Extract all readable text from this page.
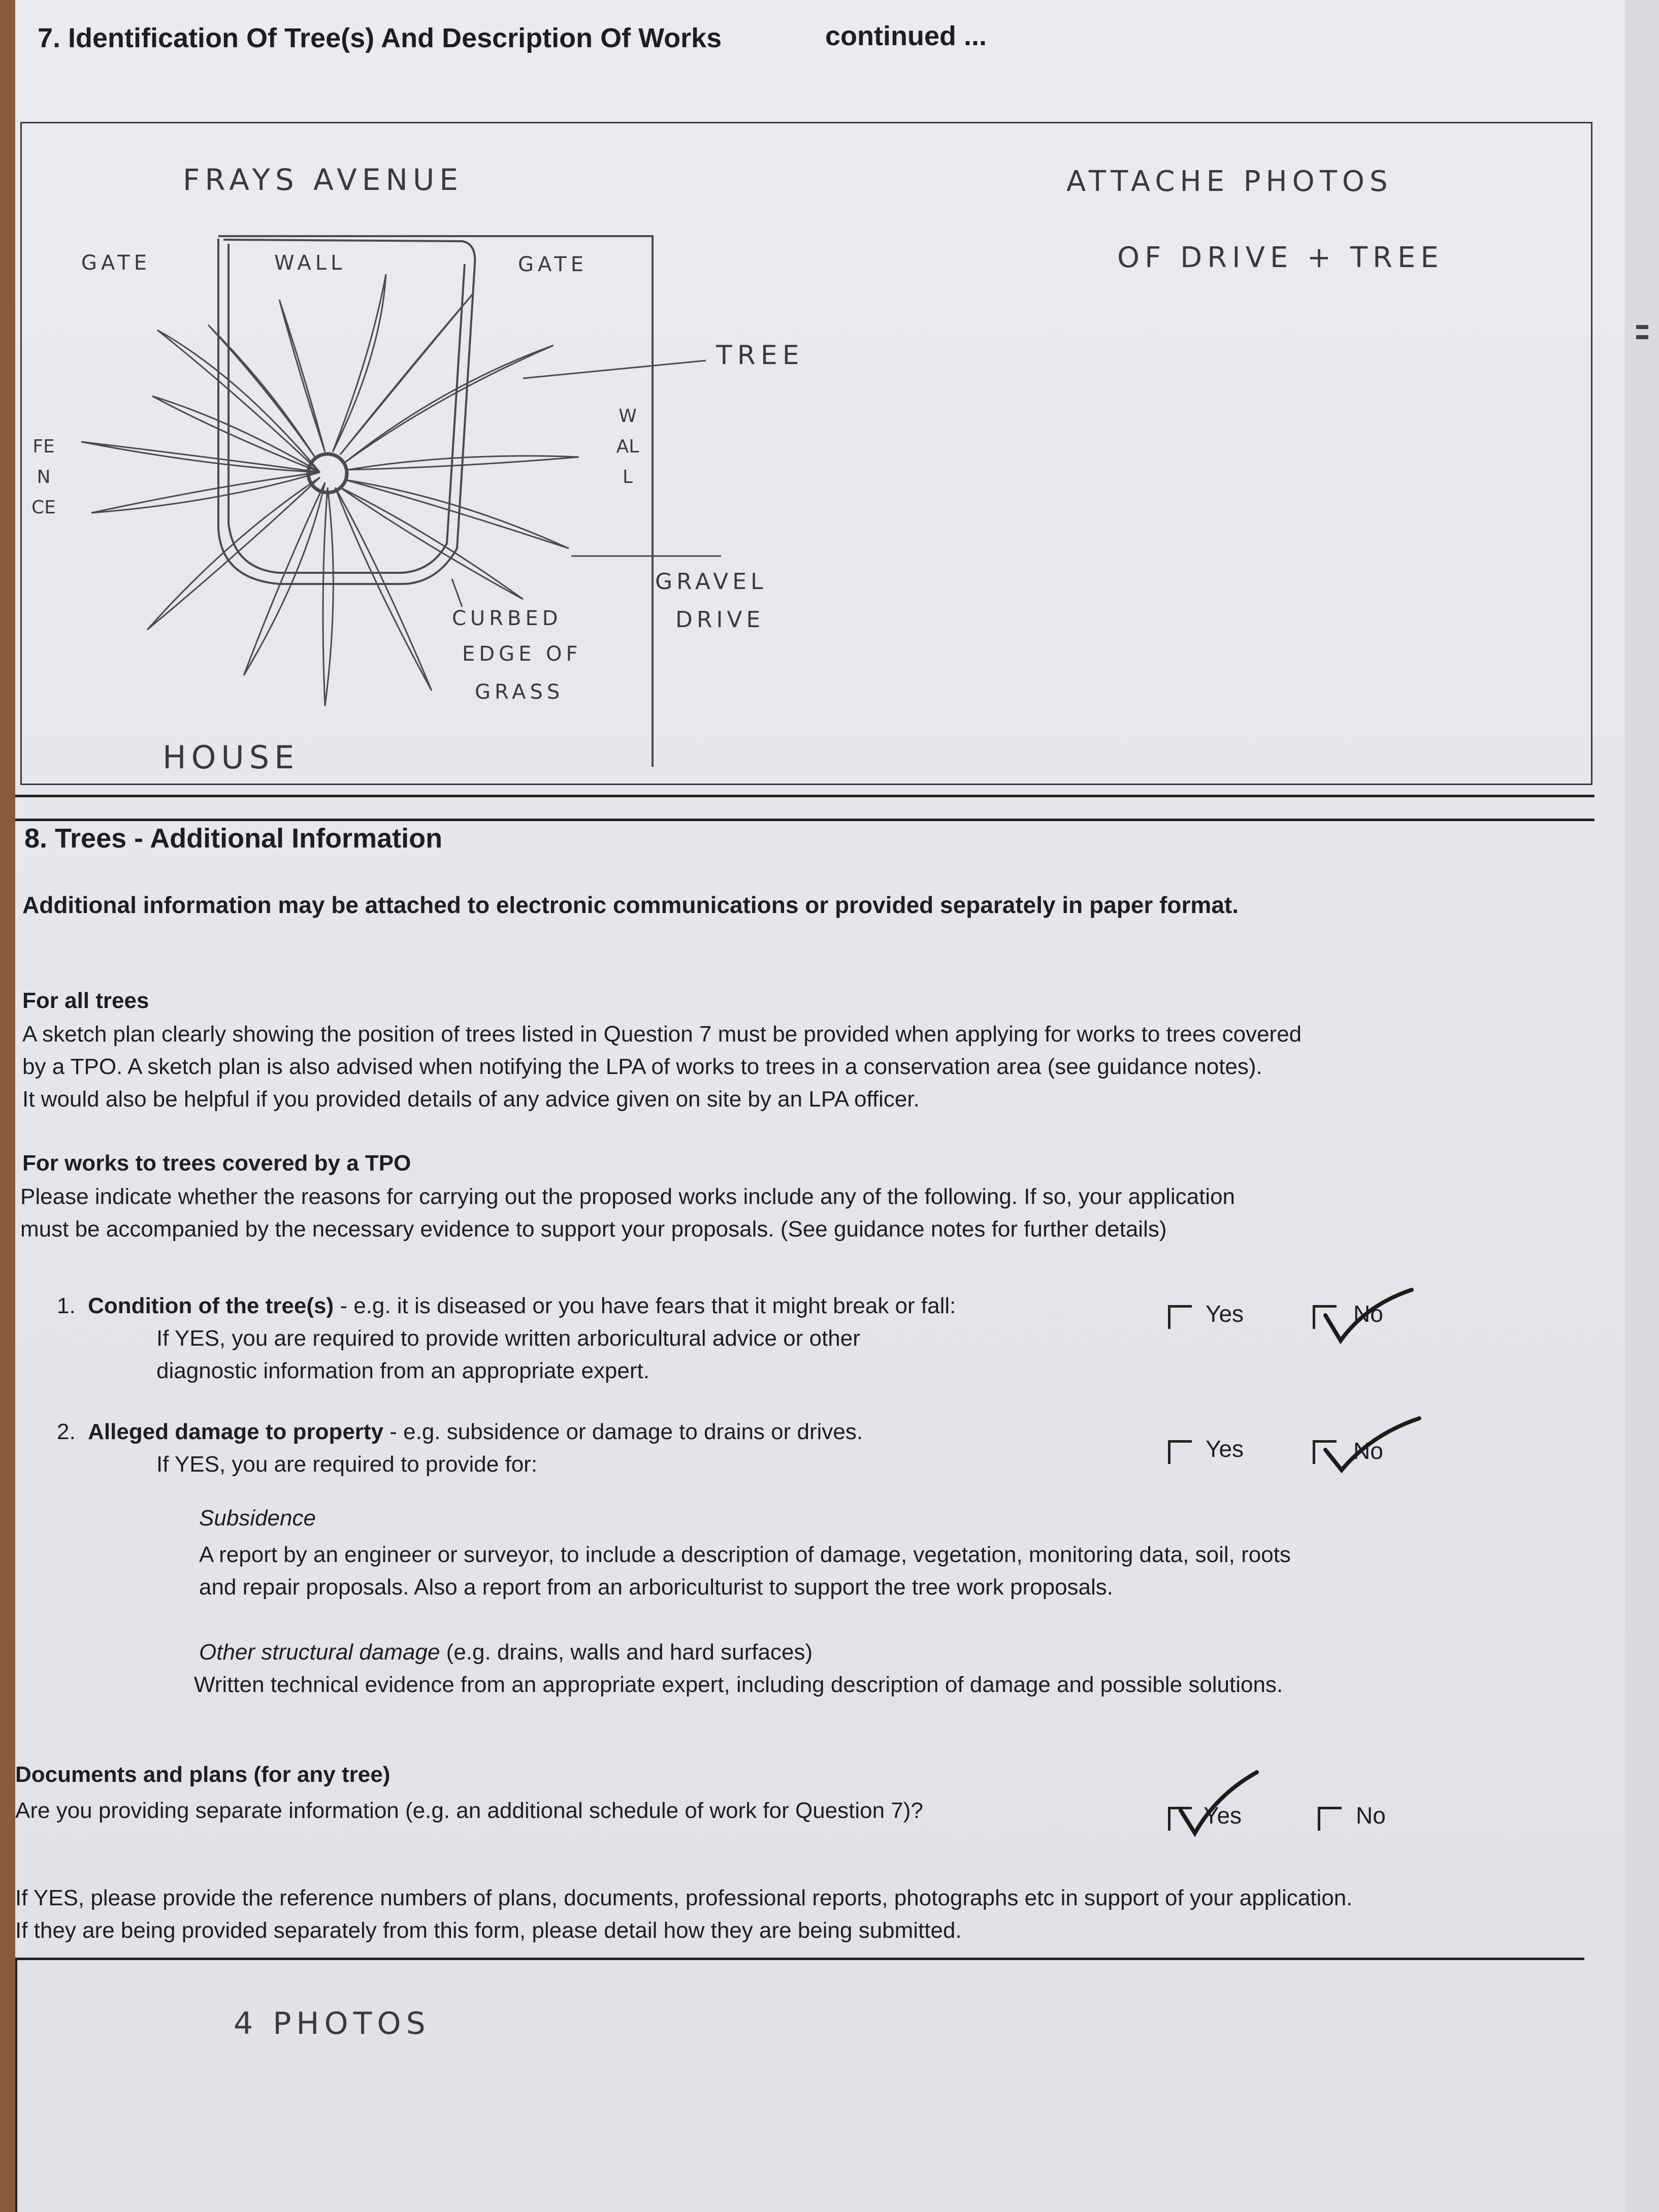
7. Identification Of Tree(s) And Description Of Works	continued ...
FRAYS AVENUE
GATE	WALL	GATE
TREE
WALL
FENCE
GRAVEL
DRIVE
CURBED
EDGE OF
GRASS
HOUSE
ATTACHE PHOTOS
OF DRIVE + TREE
8. Trees - Additional Information
Additional information may be attached to electronic communications or provided separately in paper format.
For all trees
A sketch plan clearly showing the position of trees listed in Question 7 must be provided when applying for works to trees covered
by a TPO. A sketch plan is also advised when notifying the LPA of works to trees in a conservation area (see guidance notes).
It would also be helpful if you provided details of any advice given on site by an LPA officer.
For works to trees covered by a TPO
Please indicate whether the reasons for carrying out the proposed works include any of the following. If so, your application
must be accompanied by the necessary evidence to support your proposals. (See guidance notes for further details)
1. Condition of the tree(s) - e.g. it is diseased or you have fears that it might break or fall:
If YES, you are required to provide written arboricultural advice or other
diagnostic information from an appropriate expert.
Yes	No
2. Alleged damage to property - e.g. subsidence or damage to drains or drives.
If YES, you are required to provide for:
Yes	No
Subsidence
A report by an engineer or surveyor, to include a description of damage, vegetation, monitoring data, soil, roots
and repair proposals. Also a report from an arboriculturist to support the tree work proposals.
Other structural damage (e.g. drains, walls and hard surfaces)
Written technical evidence from an appropriate expert, including description of damage and possible solutions.
Documents and plans (for any tree)
Are you providing separate information (e.g. an additional schedule of work for Question 7)?	Yes	No
If YES, please provide the reference numbers of plans, documents, professional reports, photographs etc in support of your application.
If they are being provided separately from this form, please detail how they are being submitted.
4 PHOTOS
